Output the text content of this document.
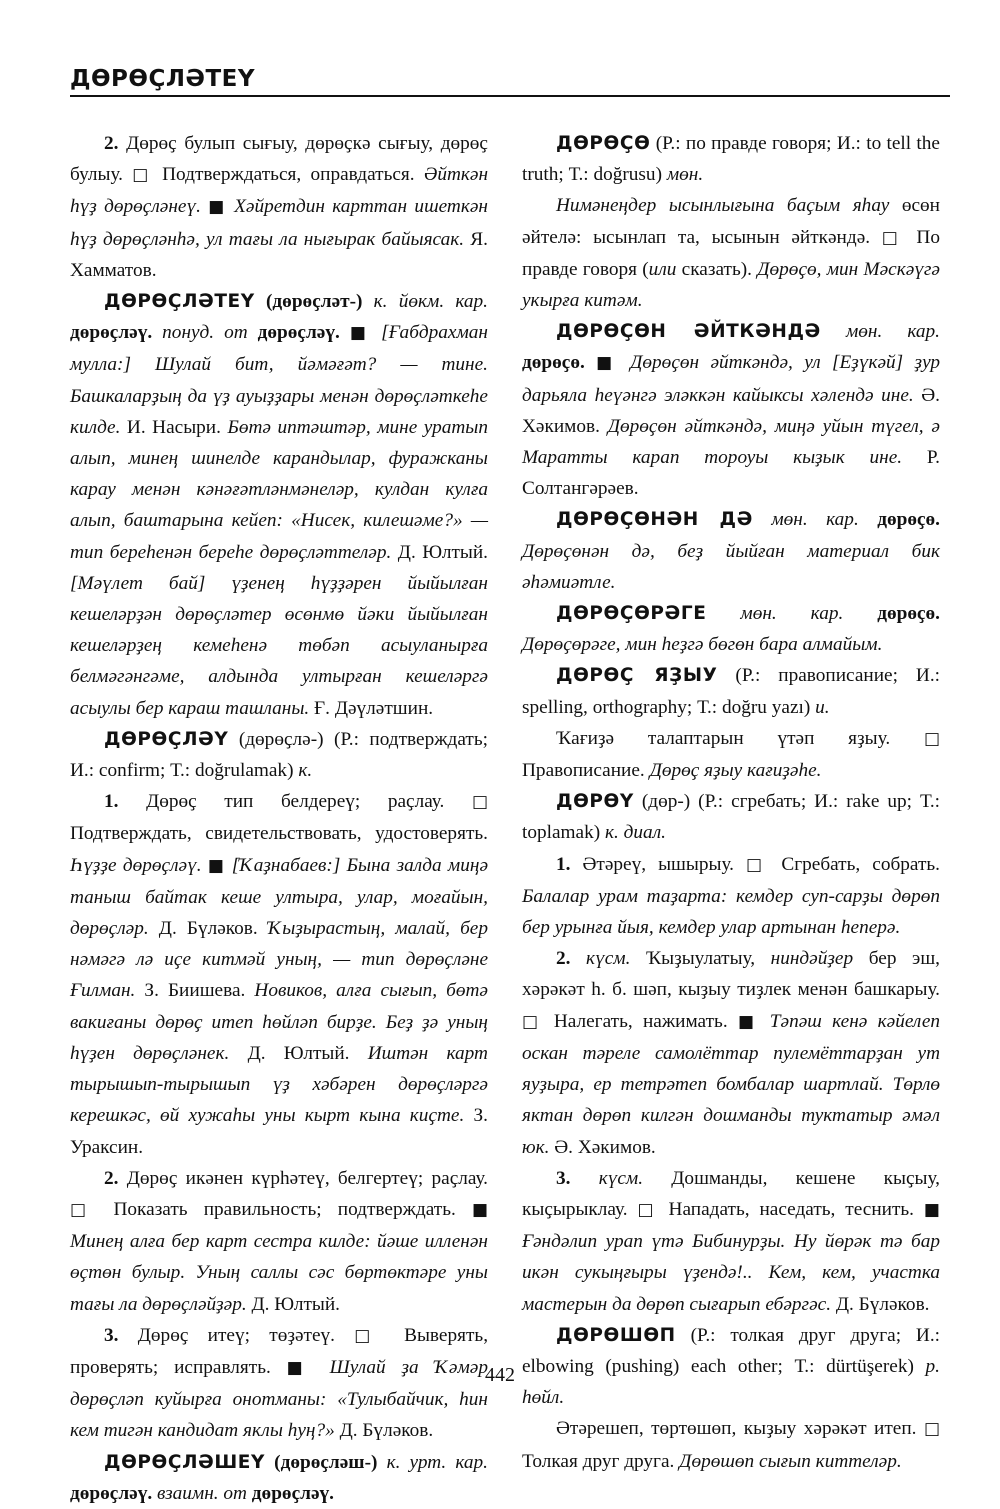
ДӨРӨҪЛӘТЕҮ

2. Дөрөҫ булып сығыу, дөрөҫкә сығыу, дөрөҫ булыу. □ Подтверждаться, оправдаться. Әйткән һүҙ дөрөҫләнеү. ■ Хәйретдин карттан ишеткән һүҙ дөрөҫләнһә, ул тағы ла нығырак байыясак. Я. Хамматов.

ДӨРӨҪЛӘТЕҮ (дөрөҫләт-) к. йөкм. кар. дөрөҫләү. понуд. от дөрөҫләү. ■ [Ғабдрахман мулла:] Шулай бит, йәмәғәт? — тине. Башкаларҙың да үҙ ауыҙҙары менән дөрөҫләткеһе килде. И. Насыри. Бөтә иптәштәр, мине уратып алып, минең шинелде карандылар, фуражканы карау менән кәнәғәтләнмәнеләр, кулдан кулға алып, баштарына кейеп: «Нисек, килешәме?» — тип береһенән береһе дөрөҫләттеләр. Д. Юлтый. [Мәүлет бай] үҙенең һүҙҙәрен йыйылған кешеләрҙән дөрөҫләтер өсөнмө йәки йыйылған кешеләрҙең кемеһенә төбәп асыуланырға белмәгәнгәме, алдында ултырған кешеләргә асыулы бер караш ташланы. Ғ. Дәүләтшин.

ДӨРӨҪЛӘҮ (дөрөҫлә-) (Р.: подтверждать; И.: confirm; Т.: doğrulamak) к.

1. Дөрөҫ тип белдереү; раҫлау. □ Подтверждать, свидетельствовать, удостоверять. Һүҙҙе дөрөҫләү. ■ [Ҡаҙнабаев:] Бына залда миңә таныш байтак кеше ултыра, улар, моғайын, дөрөҫләр. Д. Бүләков. Ҡыҙырастың, малай, бер нәмәгә лә иҫе китмәй уның, — тип дөрөҫләне Ғилман. З. Биишева. Новиков, алға сығып, бөтә вакиғаны дөрөҫ итеп һөйләп бирҙе. Беҙ ҙә уның һүҙен дөрөҫләнек. Д. Юлтый. Иштән карт тырышып-тырышып үҙ хәбәрен дөрөҫләргә керешкәс, өй хужаһы уны кырт кына киҫте. З. Ураксин.

2. Дөрөҫ икәнен күрһәтеү, белгертеү; раҫлау. □ Показать правильность; подтверждать. ■ Минең алға бер карт сестра килде: йәше илленән өҫтөн булыр. Уның саллы сәс бөртөктәре уны тағы ла дөрөҫләйҙәр. Д. Юлтый.

3. Дөрөҫ итеү; төҙәтеү. □ Выверять, проверять; исправлять. ■ Шулай ҙа Ҡәмәр дөрөҫләп куйырға онотманы: «Тулыбайчик, һин кем тигән кандидат яклы һуң?» Д. Бүләков.

ДӨРӨҪЛӘШЕҮ (дөрөҫләш-) к. урт. кар. дөрөҫләү. взаимн. от дөрөҫләү.

ДӨРӨҪӨ (Р.: по правде говоря; И.: to tell the truth; Т.: doğrusu) мөн.

Нимәнеңдер ысынлығына баҫым яһау өсөн әйтелә: ысынлап та, ысынын әйткәндә. □ По правде говоря (или сказать). Дөрөҫө, мин Мәскәүгә укырға китәм.

ДӨРӨҪӨН ӘЙТКӘНДӘ мөн. кар. дөрөҫө. ■ Дөрөҫөн әйткәндә, ул [Еҙүкәй] ҙур дарьяла һеүәнгә эләккән кайыксы хәлендә ине. Ә. Хәкимов. Дөрөҫөн әйткәндә, миңә уйын түгел, ә Маратты карап тороуы кыҙык ине. Р. Солтангәрәев.

ДӨРӨҪӨНӘН ДӘ мөн. кар. дөрөҫө. Дөрөҫөнән дә, беҙ йыйған материал бик әһәмиәтле.

ДӨРӨҪӨРӘГЕ мөн. кар. дөрөҫө. Дөрөҫөрәге, мин һеҙгә бөгөн бара алмайым.

ДӨРӨҪ ЯҘЫУ (Р.: правописание; И.: spelling, orthography; Т.: doğru yazı) и.

Ҡағиҙә талаптарын үтәп яҙыу. □ Правописание. Дөрөҫ яҙыу кағиҙәһе.

ДӨРӨҮ (дөр-) (Р.: сгребать; И.: rake up; Т.: toplamak) к. диал.

1. Әтәреү, ышырыу. □ Сгребать, собрать. Балалар урам таҙарта: кемдер суп-сарҙы дөрөп бер урынға йыя, кемдер улар артынан һеперә.

2. күсм. Ҡыҙыулатыу, ниндәйҙер бер эш, хәрәкәт һ. б. шәп, кыҙыу тиҙлек менән башкарыу. □ Налегать, нажимать. ■ Тәпәш кенә кәйелеп оскан тәреле самолёттар пулемёттарҙан ут яуҙыра, ер тетрәтеп бомбалар шартлай. Төрлө яктан дөрөп килгән дошманды туктатыр әмәл юк. Ә. Хәкимов.

3. күсм. Дошманды, кешене кыҫыу, кыҫырыклау. □ Нападать, наседать, теснить. ■ Ғәндәлип урап үтә Бибинурҙы. Ну йөрәк тә бар икән сукыңғыры үҙендә!.. Кем, кем, участка мастерын да дөрөп сығарып ебәргәс. Д. Бүләков.

ДӨРӨШӨП (Р.: толкая друг друга; И.: elbowing (pushing) each other; Т.: dürtüşerek) р. һөйл.

Әтәрешеп, төртөшөп, кыҙыу хәрәкәт итеп. □ Толкая друг друга. Дөрөшөп сығып киттеләр.

442
